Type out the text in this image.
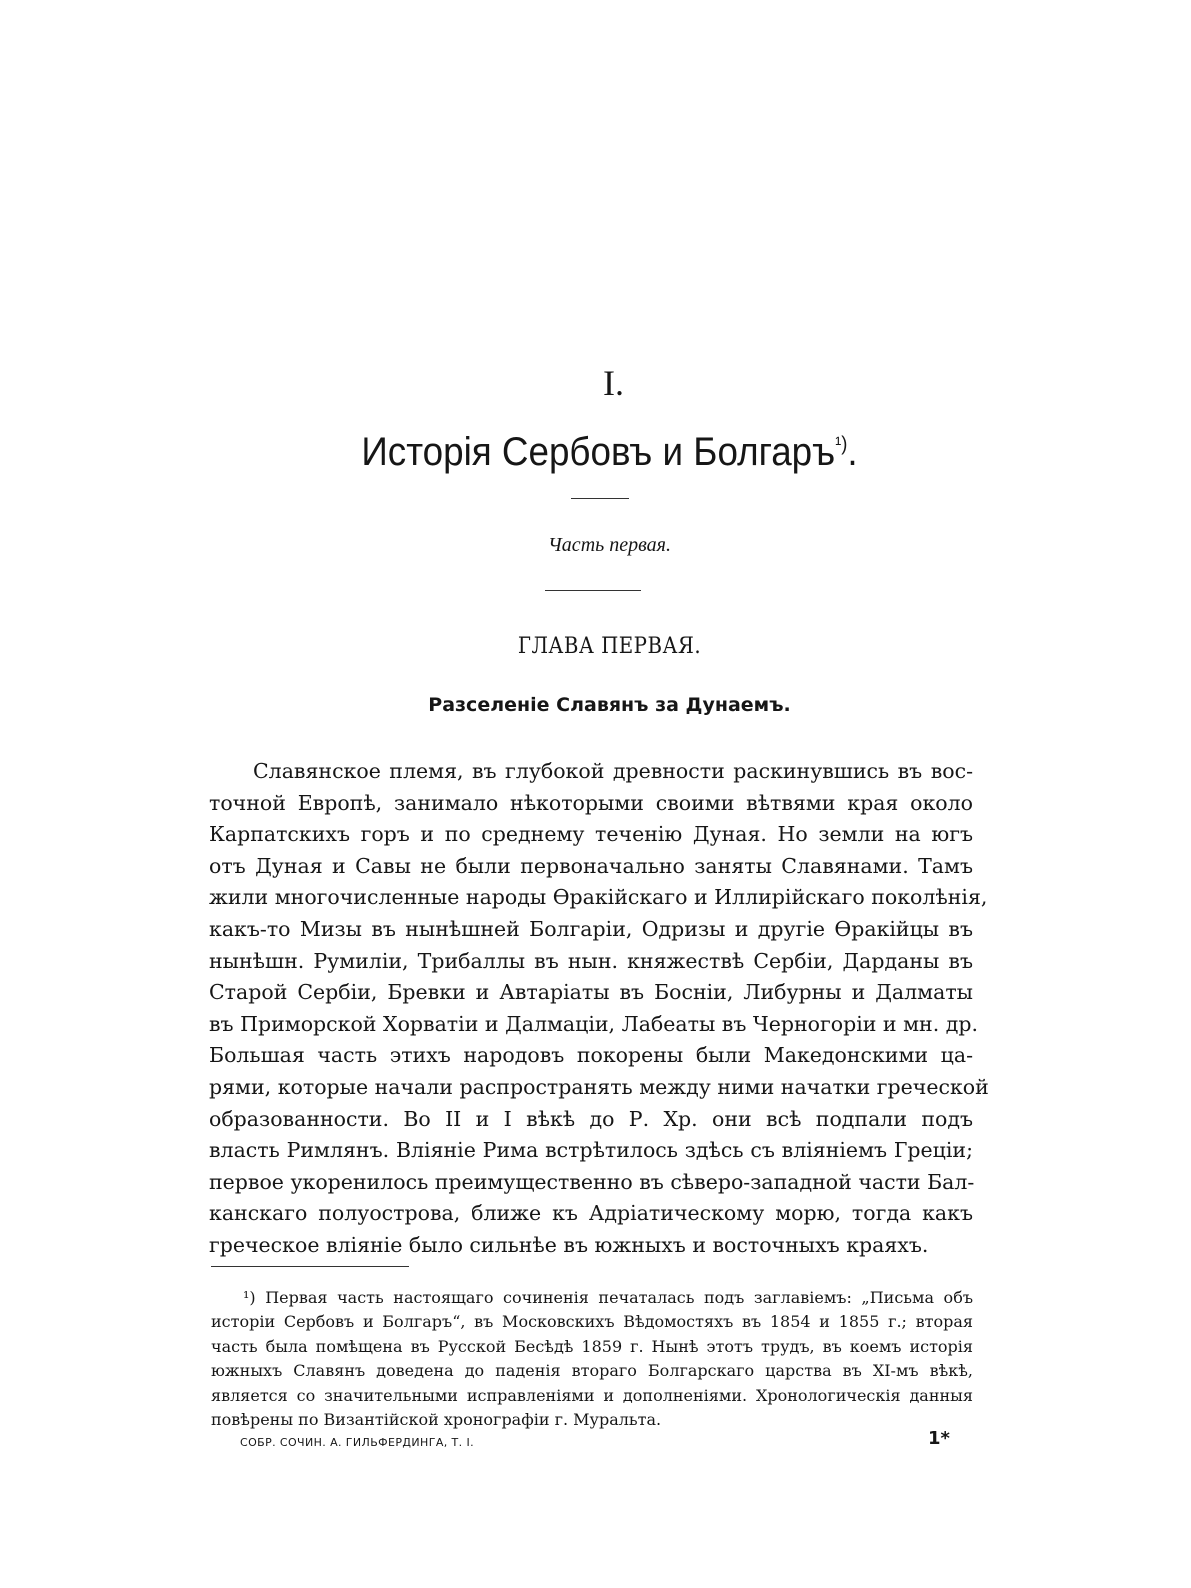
I.
Исторія Сербовъ и Болгаръ$^{^1)}$.
Часть первая.
ГЛАВА ПЕРВАЯ.
Разселеніе Славянъ за Дунаемъ.
Славянское племя, въ глубокой древности раскинувшись въ вос-
точной Европѣ, занимало нѣкоторыми своими вѣтвями края около
Карпатскихъ горъ и по среднему теченію Дуная. Но земли на югъ
отъ Дуная и Савы не были первоначально заняты Славянами. Тамъ
жили многочисленные народы Ѳракійскаго и Иллирійскаго поколѣнія,
какъ-то Мизы въ нынѣшней Болгаріи, Одризы и другіе Ѳракійцы въ
нынѣшн. Румиліи, Трибаллы въ нын. княжествѣ Сербіи, Дарданы въ
Старой Сербіи, Бревки и Автаріаты въ Босніи, Либурны и Далматы
въ Приморской Хорватіи и Далмаціи, Лабеаты въ Черногоріи и мн. др.
Большая часть этихъ народовъ покорены были Македонскими ца-
рями, которые начали распространять между ними начатки греческой
образованности. Во II и I вѣкѣ до Р. Хр. они всѣ подпали подъ
власть Римлянъ. Вліяніе Рима встрѣтилось здѣсь съ вліяніемъ Греціи;
первое укоренилось преимущественно въ сѣверо-западной части Бал-
канскаго полуострова, ближе къ Адріатическому морю, тогда какъ
греческое вліяніе было сильнѣе въ южныхъ и восточныхъ краяхъ.
¹) Первая часть настоящаго сочиненія печаталась подъ заглавіемъ: „Письма объ
исторіи Сербовъ и Болгаръ“, въ Московскихъ Вѣдомостяхъ въ 1854 и 1855 г.; вторая
часть была помѣщена въ Русской Бесѣдѣ 1859 г. Нынѣ этотъ трудъ, въ коемъ исторія
южныхъ Славянъ доведена до паденія втораго Болгарскаго царства въ XI-мъ вѣкѣ,
является со значительными исправленіями и дополненіями. Хронологическія данныя
повѣрены по Византійской хронографіи г. Муральта.
СОБР. СОЧИН. А. ГИЛЬФЕРДИНГА, Т. I.	1*
